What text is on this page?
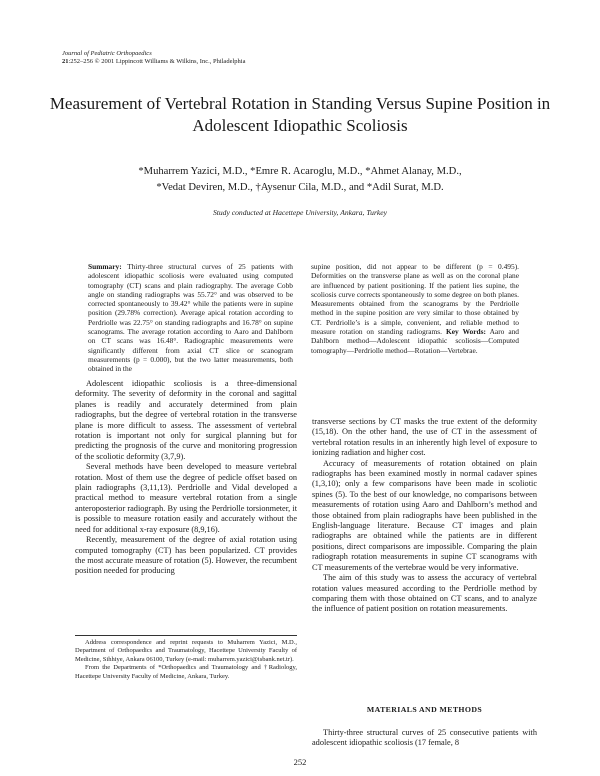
Journal of Pediatric Orthopaedics
21:252–256 © 2001 Lippincott Williams & Wilkins, Inc., Philadelphia
Measurement of Vertebral Rotation in Standing Versus Supine Position in Adolescent Idiopathic Scoliosis
*Muharrem Yazici, M.D., *Emre R. Acaroglu, M.D., *Ahmet Alanay, M.D.,
*Vedat Deviren, M.D., †Aysenur Cila, M.D., and *Adil Surat, M.D.
Study conducted at Hacettepe University, Ankara, Turkey
Summary: Thirty-three structural curves of 25 patients with adolescent idiopathic scoliosis were evaluated using computed tomography (CT) scans and plain radiography. The average Cobb angle on standing radiographs was 55.72° and was observed to be corrected spontaneously to 39.42° while the patients were in supine position (29.78% correction). Average apical rotation according to Perdriolle was 22.75° on standing radiographs and 16.78° on supine scanograms. The average rotation according to Aaro and Dahlborn on CT scans was 16.48°. Radiographic measurements were significantly different from axial CT slice or scanogram measurements (p = 0.000), but the two latter measurements, both obtained in the
supine position, did not appear to be different (p = 0.495). Deformities on the transverse plane as well as on the coronal plane are influenced by patient positioning. If the patient lies supine, the scoliosis curve corrects spontaneously to some degree on both planes. Measurements obtained from the scanograms by the Perdriolle method in the supine position are very similar to those obtained by CT. Perdriolle’s is a simple, convenient, and reliable method to measure rotation on standing radiograms. Key Words: Aaro and Dahlborn method—Adolescent idiopathic scoliosis—Computed tomography—Perdriolle method—Rotation—Vertebrae.

Adolescent idiopathic scoliosis is a three-dimensional deformity. The severity of deformity in the coronal and sagittal planes is readily and accurately determined from plain radiographs, but the degree of vertebral rotation in the transverse plane is more difficult to assess. The assessment of vertebral rotation is important not only for surgical planning but for predicting the prognosis of the curve and monitoring progression of the scoliotic deformity (3,7,9).

Several methods have been developed to measure vertebral rotation. Most of them use the degree of pedicle offset based on plain radiographs (3,11,13). Perdriolle and Vidal developed a practical method to measure vertebral rotation from a single anteroposterior radiograph. By using the Perdriolle torsionmeter, it is possible to measure rotation easily and accurately without the need for additional x-ray exposure (8,9,16).

Recently, measurement of the degree of axial rotation using computed tomography (CT) has been popularized. CT provides the most accurate measure of rotation (5). However, the recumbent position needed for producing

transverse sections by CT masks the true extent of the deformity (15,18). On the other hand, the use of CT in the assessment of vertebral rotation results in an inherently high level of exposure to ionizing radiation and higher cost.

Accuracy of measurements of rotation obtained on plain radiographs has been examined mostly in normal cadaver spines (1,3,10); only a few comparisons have been made in scoliotic spines (5). To the best of our knowledge, no comparisons between measurements of rotation using Aaro and Dahlborn’s method and those obtained from plain radiographs have been published in the English-language literature. Because CT images and plain radiographs are obtained while the patients are in different positions, direct comparisons are impossible. Comparing the plain radiograph rotation measurements in supine CT scanograms with CT measurements of the vertebrae would be very informative.

The aim of this study was to assess the accuracy of vertebral rotation values measured according to the Perdriolle method by comparing them with those obtained on CT scans, and to analyze the influence of patient position on rotation measurements.

Address correspondence and reprint requests to Muharrem Yazici, M.D., Department of Orthopaedics and Traumatology, Hacettepe University Faculty of Medicine, Sihhiye, Ankara 06100, Turkey (e-mail: muharrem.yazici@isbank.net.tr).

From the Departments of *Orthopaedics and Traumatology and †Radiology, Hacettepe University Faculty of Medicine, Ankara, Turkey.

MATERIALS AND METHODS

Thirty-three structural curves of 25 consecutive patients with adolescent idiopathic scoliosis (17 female, 8

252
